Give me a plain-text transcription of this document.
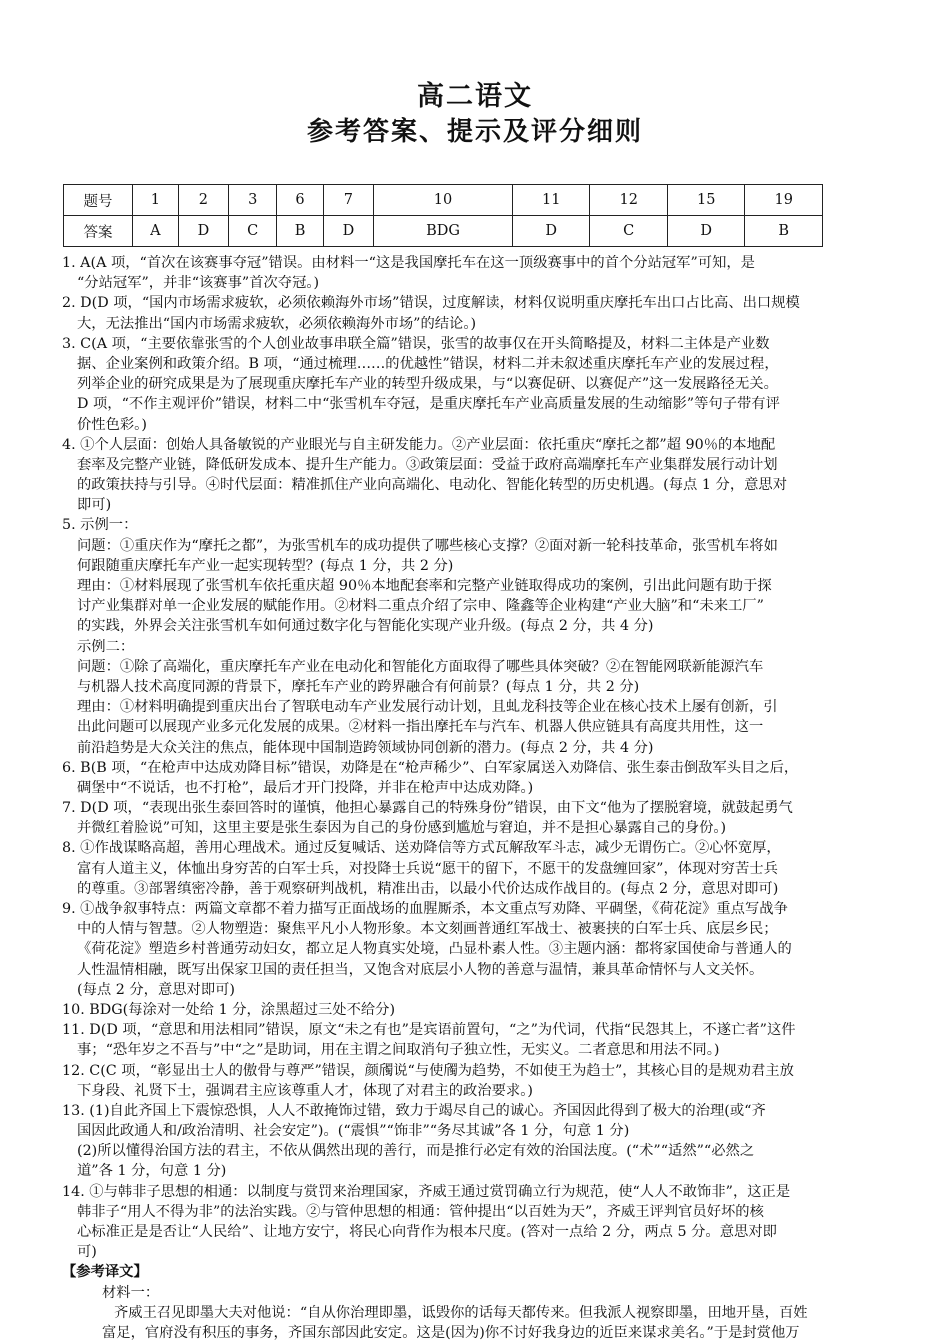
高二语文
参考答案、提示及评分细则
题号	1	2	3	6	7	10	11	12	15	19
答案	A	D	C	B	D	BDG	D	C	D	B
1. A(A 项，“首次在该赛事夺冠”错误。由材料一“这是我国摩托车在这一顶级赛事中的首个分站冠军”可知，是
“分站冠军”，并非“该赛事”首次夺冠。)
2. D(D 项，“国内市场需求疲软，必须依赖海外市场”错误，过度解读，材料仅说明重庆摩托车出口占比高、出口规模
大，无法推出“国内市场需求疲软，必须依赖海外市场”的结论。)
3. C(A 项，“主要依靠张雪的个人创业故事串联全篇”错误，张雪的故事仅在开头简略提及，材料二主体是产业数
据、企业案例和政策介绍。B 项，“通过梳理……的优越性”错误，材料二并未叙述重庆摩托车产业的发展过程，
列举企业的研究成果是为了展现重庆摩托车产业的转型升级成果，与“以赛促研、以赛促产”这一发展路径无关。
D 项，“不作主观评价”错误，材料二中“张雪机车夺冠，是重庆摩托车产业高质量发展的生动缩影”等句子带有评
价性色彩。)
4. ①个人层面：创始人具备敏锐的产业眼光与自主研发能力。②产业层面：依托重庆“摩托之都”超 90％的本地配
套率及完整产业链，降低研发成本、提升生产能力。③政策层面：受益于政府高端摩托车产业集群发展行动计划
的政策扶持与引导。④时代层面：精准抓住产业向高端化、电动化、智能化转型的历史机遇。(每点 1 分，意思对
即可)
5. 示例一：
问题：①重庆作为“摩托之都”，为张雪机车的成功提供了哪些核心支撑？②面对新一轮科技革命，张雪机车将如
何跟随重庆摩托车产业一起实现转型？(每点 1 分，共 2 分)
理由：①材料展现了张雪机车依托重庆超 90％本地配套率和完整产业链取得成功的案例，引出此问题有助于探
讨产业集群对单一企业发展的赋能作用。②材料二重点介绍了宗申、隆鑫等企业构建“产业大脑”和“未来工厂”
的实践，外界会关注张雪机车如何通过数字化与智能化实现产业升级。(每点 2 分，共 4 分)
示例二：
问题：①除了高端化，重庆摩托车产业在电动化和智能化方面取得了哪些具体突破？②在智能网联新能源汽车
与机器人技术高度同源的背景下，摩托车产业的跨界融合有何前景？(每点 1 分，共 2 分)
理由：①材料明确提到重庆出台了智联电动车产业发展行动计划，且虬龙科技等企业在核心技术上屡有创新，引
出此问题可以展现产业多元化发展的成果。②材料一指出摩托车与汽车、机器人供应链具有高度共用性，这一
前沿趋势是大众关注的焦点，能体现中国制造跨领域协同创新的潜力。(每点 2 分，共 4 分)
6. B(B 项，“在枪声中达成劝降目标”错误，劝降是在“枪声稀少”、白军家属送入劝降信、张生泰击倒敌军头目之后，
碉堡中“不说话，也不打枪”，最后才开门投降，并非在枪声中达成劝降。)
7. D(D 项，“表现出张生泰回答时的谨慎，他担心暴露自己的特殊身份”错误，由下文“他为了摆脱窘境，就鼓起勇气
并微红着脸说”可知，这里主要是张生泰因为自己的身份感到尴尬与窘迫，并不是担心暴露自己的身份。)
8. ①作战谋略高超，善用心理战术。通过反复喊话、送劝降信等方式瓦解敌军斗志，减少无谓伤亡。②心怀宽厚，
富有人道主义，体恤出身穷苦的白军士兵，对投降士兵说“愿干的留下，不愿干的发盘缠回家”，体现对穷苦士兵
的尊重。③部署缜密冷静，善于观察研判战机，精准出击，以最小代价达成作战目的。(每点 2 分，意思对即可)
9. ①战争叙事特点：两篇文章都不着力描写正面战场的血腥厮杀，本文重点写劝降、平碉堡，《荷花淀》重点写战争
中的人情与智慧。②人物塑造：聚焦平凡小人物形象。本文刻画普通红军战士、被裹挟的白军士兵、底层乡民；
《荷花淀》塑造乡村普通劳动妇女，都立足人物真实处境，凸显朴素人性。③主题内涵：都将家国使命与普通人的
人性温情相融，既写出保家卫国的责任担当，又饱含对底层小人物的善意与温情，兼具革命情怀与人文关怀。
(每点 2 分，意思对即可)
10. BDG(每涂对一处给 1 分，涂黑超过三处不给分)
11. D(D 项，“意思和用法相同”错误，原文“未之有也”是宾语前置句，“之”为代词，代指“民怨其上，不遂亡者”这件
事；“恐年岁之不吾与”中“之”是助词，用在主谓之间取消句子独立性，无实义。二者意思和用法不同。)
12. C(C 项，“彰显出士人的傲骨与尊严”错误，颜斶说“与使斶为趋势，不如使王为趋士”，其核心目的是规劝君主放
下身段、礼贤下士，强调君主应该尊重人才，体现了对君主的政治要求。)
13. (1)自此齐国上下震惊恐惧，人人不敢掩饰过错，致力于竭尽自己的诚心。齐国因此得到了极大的治理(或“齐
国因此政通人和/政治清明、社会安定”)。(“震惧”“饰非”“务尽其诚”各 1 分，句意 1 分)
(2)所以懂得治国方法的君主，不依从偶然出现的善行，而是推行必定有效的治国法度。(“术”“适然”“必然之
道”各 1 分，句意 1 分)
14. ①与韩非子思想的相通：以制度与赏罚来治理国家，齐威王通过赏罚确立行为规范，使“人人不敢饰非”，这正是
韩非子“用人不得为非”的法治实践。②与管仲思想的相通：管仲提出“以百姓为天”，齐威王评判官员好坏的核
心标准正是是否让“人民给”、让地方安宁，将民心向背作为根本尺度。(答对一点给 2 分，两点 5 分。意思对即
可)
【参考译文】
材料一：
齐威王召见即墨大夫对他说：“自从你治理即墨，诋毁你的话每天都传来。但我派人视察即墨，田地开垦，百姓
富足，官府没有积压的事务，齐国东部因此安定。这是(因为)你不讨好我身边的近臣来谋求美名。”于是封赏他万
